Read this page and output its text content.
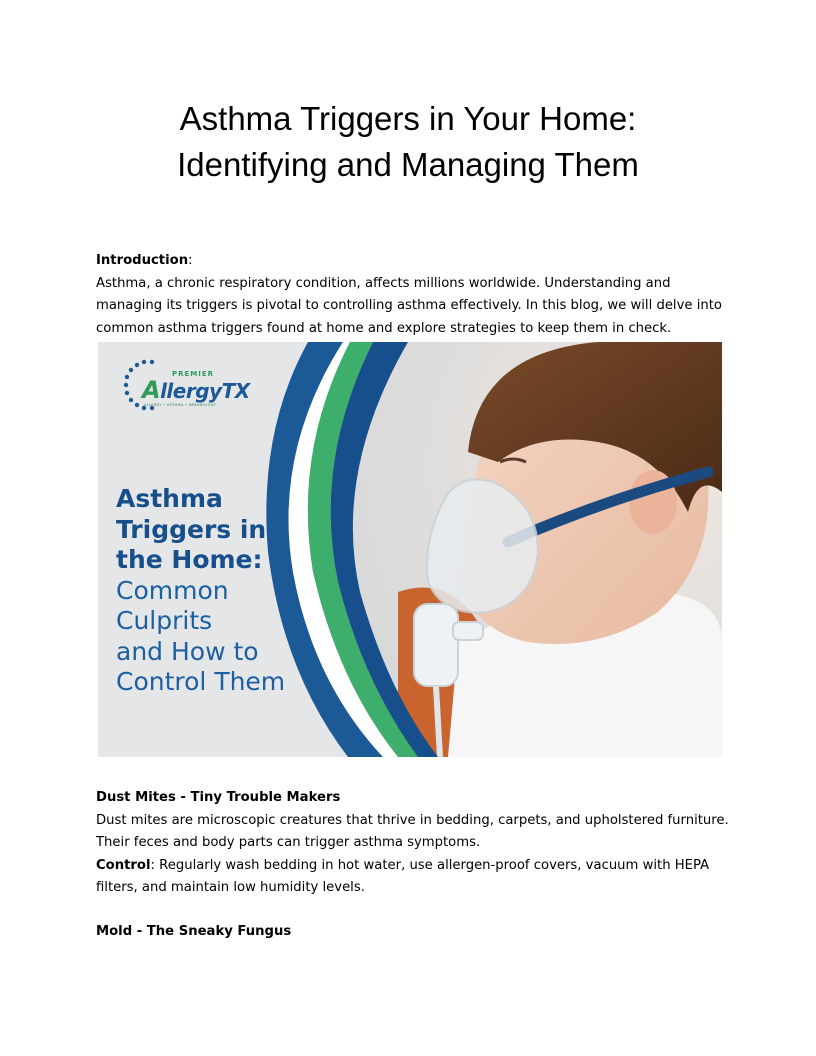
Asthma Triggers in Your Home:
Identifying and Managing Them
Introduction:
Asthma, a chronic respiratory condition, affects millions worldwide. Understanding and
managing its triggers is pivotal to controlling asthma effectively. In this blog, we will delve into
common asthma triggers found at home and explore strategies to keep them in check.
PREMIER
AllergyTX
ALLERGY • ASTHMA • IMMUNOLOGY
Asthma
Triggers in
the Home:
Common
Culprits
and How to
Control Them
Dust Mites - Tiny Trouble Makers
Dust mites are microscopic creatures that thrive in bedding, carpets, and upholstered furniture.
Their feces and body parts can trigger asthma symptoms.
Control: Regularly wash bedding in hot water, use allergen-proof covers, vacuum with HEPA
filters, and maintain low humidity levels.
Mold - The Sneaky Fungus
